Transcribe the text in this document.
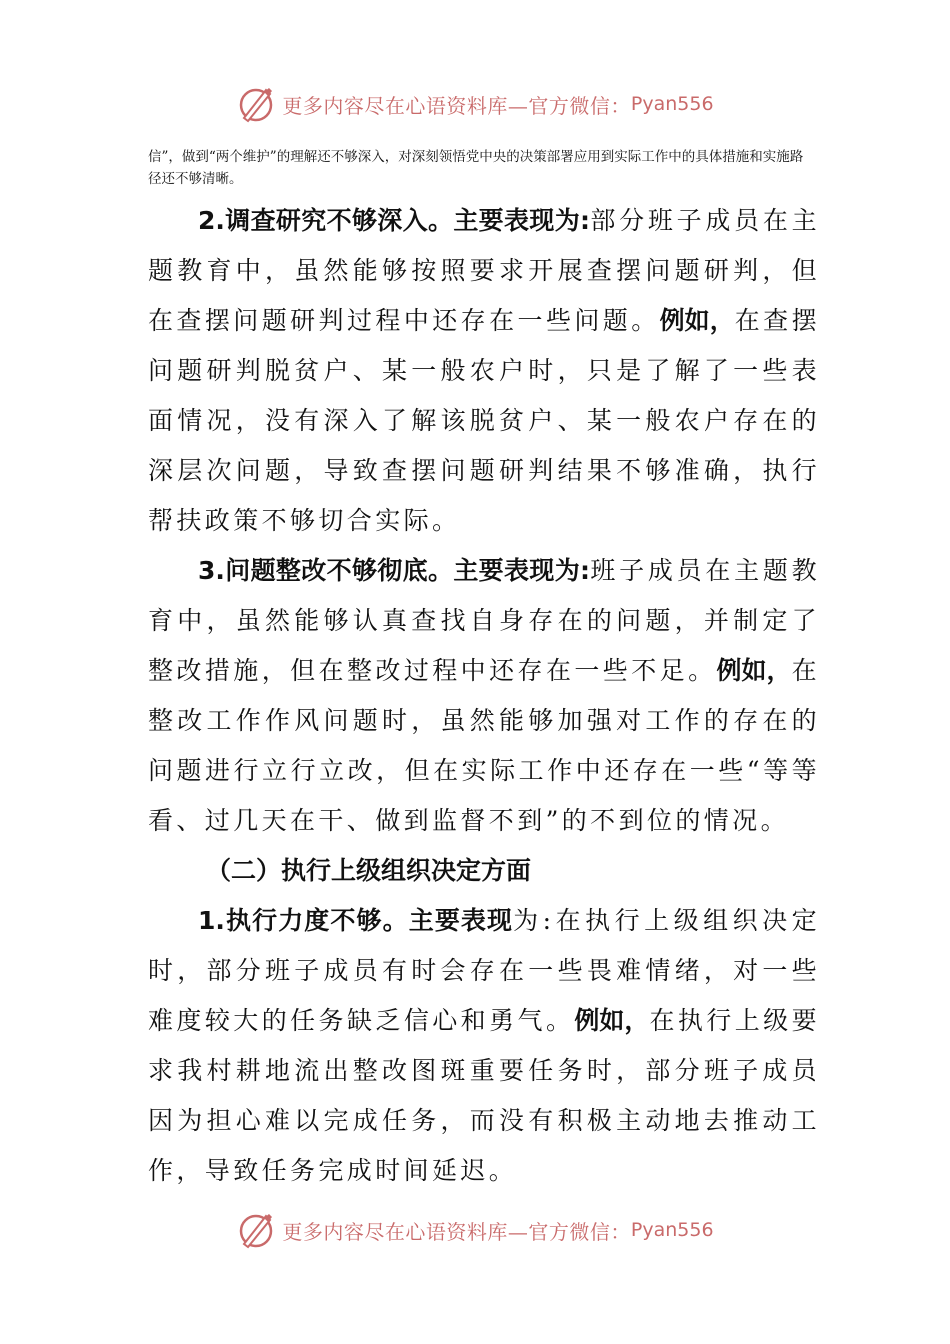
更多内容尽在心语资料库—官方微信： Pyan556
信”，做到“两个维护”的理解还不够深入，对深刻领悟党中央的决策部署应用到实际工作中的具体措施和实施路径还不够清晰。

2.调查研究不够深入。主要表现为:部分班子成员在主题教育中，虽然能够按照要求开展查摆问题研判，但在查摆问题研判过程中还存在一些问题。例如，在查摆问题研判脱贫户、某一般农户时，只是了解了一些表面情况，没有深入了解该脱贫户、某一般农户存在的深层次问题，导致查摆问题研判结果不够准确，执行帮扶政策不够切合实际。

3.问题整改不够彻底。主要表现为:班子成员在主题教育中，虽然能够认真查找自身存在的问题，并制定了整改措施，但在整改过程中还存在一些不足。例如，在整改工作作风问题时，虽然能够加强对工作的存在的问题进行立行立改，但在实际工作中还存在一些“等等看、过几天在干、做到监督不到”的不到位的情况。

（二）执行上级组织决定方面

1.执行力度不够。主要表现为:在执行上级组织决定时，部分班子成员有时会存在一些畏难情绪，对一些难度较大的任务缺乏信心和勇气。例如，在执行上级要求我村耕地流出整改图斑重要任务时，部分班子成员因为担心难以完成任务，而没有积极主动地去推动工作，导致任务完成时间延迟。

更多内容尽在心语资料库—官方微信： Pyan556
